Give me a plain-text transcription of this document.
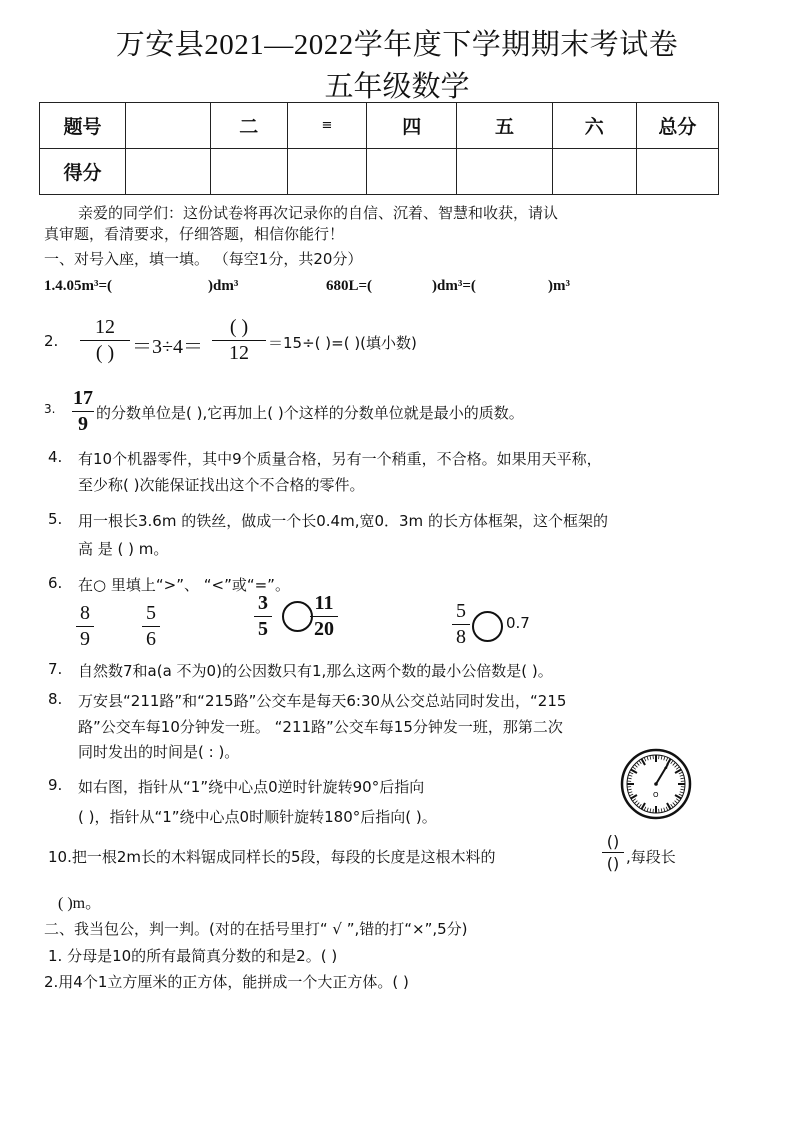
万安县2021—2022学年度下学期期末考试卷
五年级数学
题号		二	≡	四	五	六	总分
得分							
亲爱的同学们：这份试卷将再次记录你的自信、沉着、智慧和收获，请认
真审题，看清要求，仔细答题，相信你能行！
一、对号入座，填一填。 （每空1分，共20分）
1.4.05m³=(	)dm³	680L=(	)dm³=(	)m³
2.
12
( ) ＝3÷4＝
( )
12	＝15÷( )=( )(填小数)
3. 17
9 的分数单位是( ),它再加上( )个这样的分数单位就是最小的质数。
4. 有10个机器零件，其中9个质量合格，另有一个稍重，不合格。如果用天平称，
至少称( )次能保证找出这个不合格的零件。
5. 用一根长3.6m 的铁丝，做成一个长0.4m,宽0．3m 的长方体框架，这个框架的
高 是 ( ) m。
6. 在○ 里填上“>”、 “<”或“=”。
8
9
5
6
3
5
11
20
5
8
0.7
7. 自然数7和a(a 不为0)的公因数只有1,那么这两个数的最小公倍数是( )。
8. 万安县“211路”和“215路”公交车是每天6:30从公交总站同时发出，“215
路”公交车每10分钟发一班。 “211路”公交车每15分钟发一班，那第二次
同时发出的时间是( : )。
9. 如右图，指针从“1”绕中心点0逆时针旋转90°后指向
( )，指针从“1”绕中心点0时顺针旋转180°后指向( )。
O
10.把一根2m长的木料锯成同样长的5段，每段的长度是这根木料的
()
() ,每段长
( )m。
二、我当包公，判一判。(对的在括号里打“ √ ”,错的打“×”,5分)
1. 分母是10的所有最简真分数的和是2。( )
2.用4个1立方厘米的正方体，能拼成一个大正方体。( )
